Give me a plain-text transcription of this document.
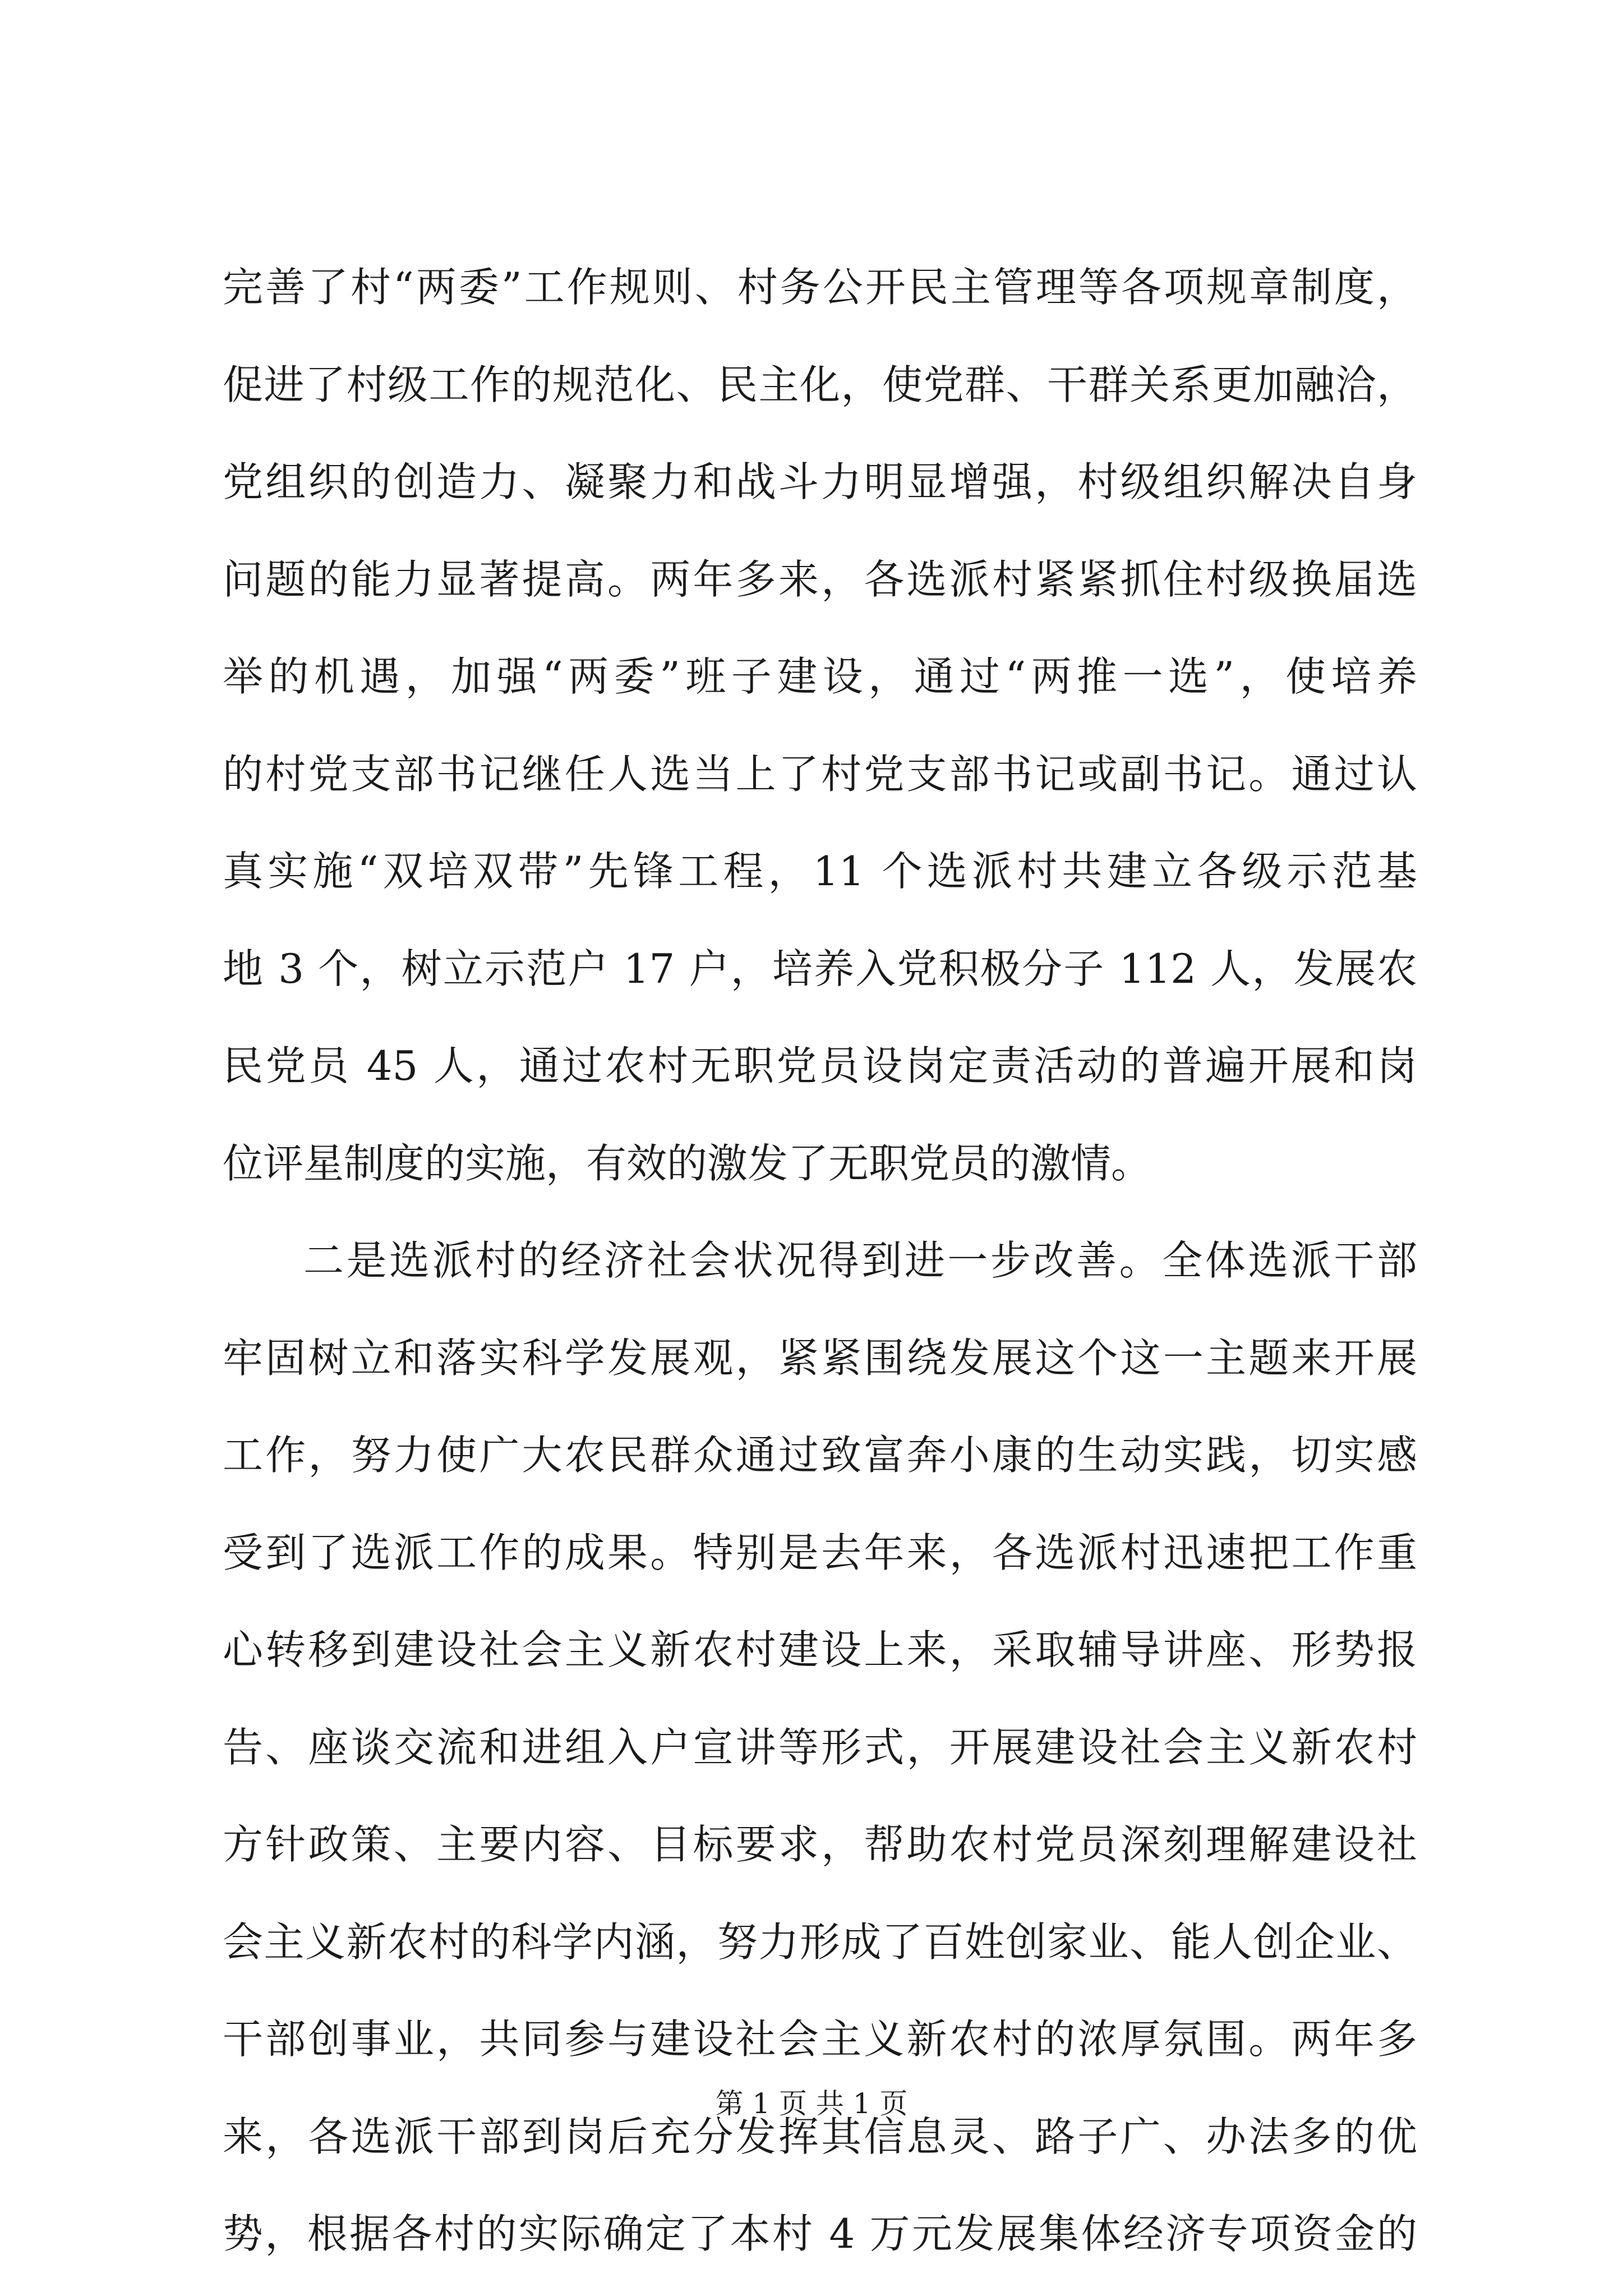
完善了村“两委”工作规则、村务公开民主管理等各项规章制度，
促进了村级工作的规范化、民主化，使党群、干群关系更加融洽，
党组织的创造力、凝聚力和战斗力明显增强，村级组织解决自身
问题的能力显著提高。两年多来，各选派村紧紧抓住村级换届选
举的机遇，加强“两委”班子建设，通过“两推一选”，使培养
的村党支部书记继任人选当上了村党支部书记或副书记。通过认
真实施“双培双带”先锋工程，11 个选派村共建立各级示范基
地 3 个，树立示范户 17 户，培养入党积极分子 112 人，发展农
民党员 45 人，通过农村无职党员设岗定责活动的普遍开展和岗
位评星制度的实施，有效的激发了无职党员的激情。
二是选派村的经济社会状况得到进一步改善。全体选派干部
牢固树立和落实科学发展观，紧紧围绕发展这个这一主题来开展
工作，努力使广大农民群众通过致富奔小康的生动实践，切实感
受到了选派工作的成果。特别是去年来，各选派村迅速把工作重
心转移到建设社会主义新农村建设上来，采取辅导讲座、形势报
告、座谈交流和进组入户宣讲等形式，开展建设社会主义新农村
方针政策、主要内容、目标要求，帮助农村党员深刻理解建设社
会主义新农村的科学内涵，努力形成了百姓创家业、能人创企业、
干部创事业，共同参与建设社会主义新农村的浓厚氛围。两年多
来，各选派干部到岗后充分发挥其信息灵、路子广、办法多的优
势，根据各村的实际确定了本村 4 万元发展集体经济专项资金的
第 1 页 共 1 页
